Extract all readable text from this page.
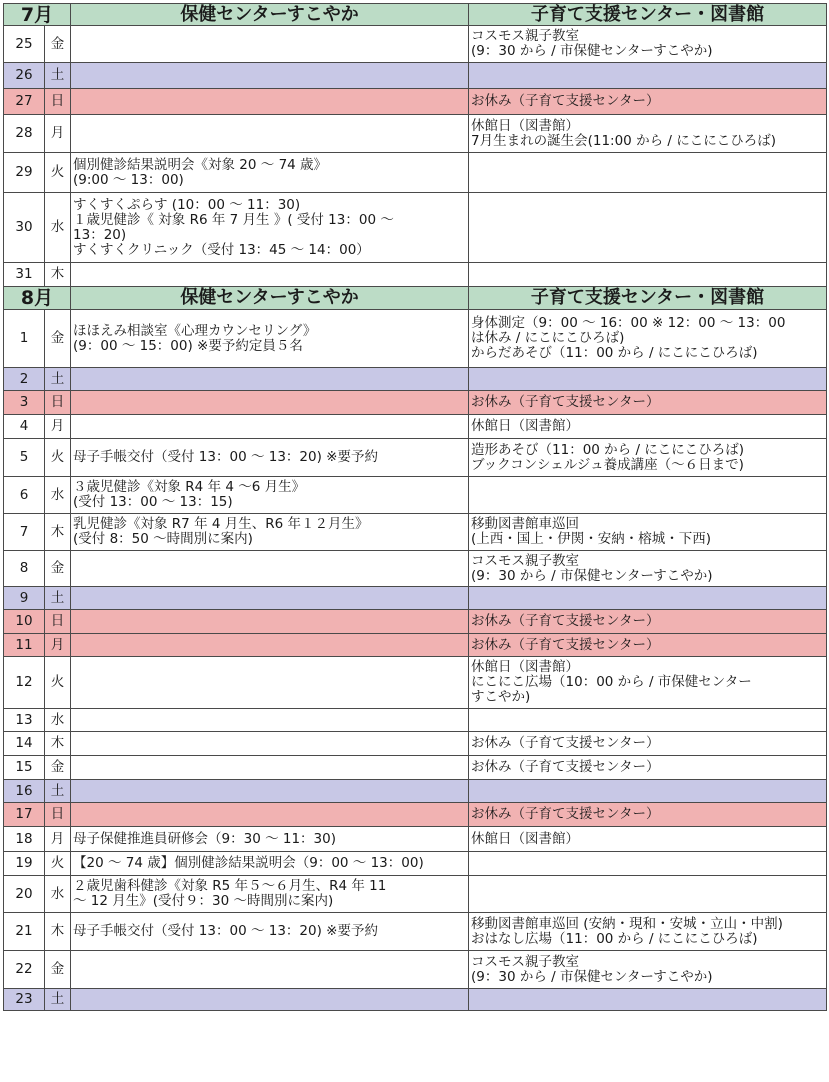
7月		保健センターすこやか	子育て支援センター・図書館
25	金		コスモス親子教室
(9：30 から / 市保健センターすこやか)
26	土		
27	日		お休み（子育て支援センター）
28	月		休館日（図書館）
7月生まれの誕生会(11:00 から / にこにこひろば)
29	火	個別健診結果説明会《対象 20 ～ 74 歳》
(9:00 ～ 13：00)	
30	水	すくすくぷらす (10：00 ～ 11：30)
１歳児健診《 対象 R6 年 7 月生 》( 受付 13：00 ～
13：20)
すくすくクリニック（受付 13：45 ～ 14：00）	
31	木		
8月		保健センターすこやか	子育て支援センター・図書館
1	金	ほほえみ相談室《心理カウンセリング》
(9：00 ～ 15：00) ※要予約定員５名	身体測定（9：00 ～ 16：00 ※ 12：00 ～ 13：00
は休み / にこにこひろば)
からだあそび（11：00 から / にこにこひろば)
2	土		
3	日		お休み（子育て支援センター）
4	月		休館日（図書館）
5	火	母子手帳交付（受付 13：00 ～ 13：20) ※要予約	造形あそび（11：00 から / にこにこひろば)
ブックコンシェルジュ養成講座（～６日まで)
6	水	３歳児健診《対象 R4 年 4 ～6 月生》
(受付 13：00 ～ 13：15)	
7	木	乳児健診《対象 R7 年 4 月生、R6 年１２月生》
(受付 8：50 ～時間別に案内)	移動図書館車巡回
(上西・国上・伊関・安納・榕城・下西)
8	金		コスモス親子教室
(9：30 から / 市保健センターすこやか)
9	土		
10	日		お休み（子育て支援センター）
11	月		お休み（子育て支援センター）
12	火		休館日（図書館）
にこにこ広場（10：00 から / 市保健センター
すこやか)
13	水		
14	木		お休み（子育て支援センター）
15	金		お休み（子育て支援センター）
16	土		
17	日		お休み（子育て支援センター）
18	月	母子保健推進員研修会（9：30 ～ 11：30)	休館日（図書館）
19	火	【20 ～ 74 歳】個別健診結果説明会（9：00 ～ 13：00)	
20	水	２歳児歯科健診《対象 R5 年５～６月生、R4 年 11
～ 12 月生》(受付９：30 ～時間別に案内)	
21	木	母子手帳交付（受付 13：00 ～ 13：20) ※要予約	移動図書館車巡回 (安納・現和・安城・立山・中割)
おはなし広場（11：00 から / にこにこひろば)
22	金		コスモス親子教室
(9：30 から / 市保健センターすこやか)
23	土		
